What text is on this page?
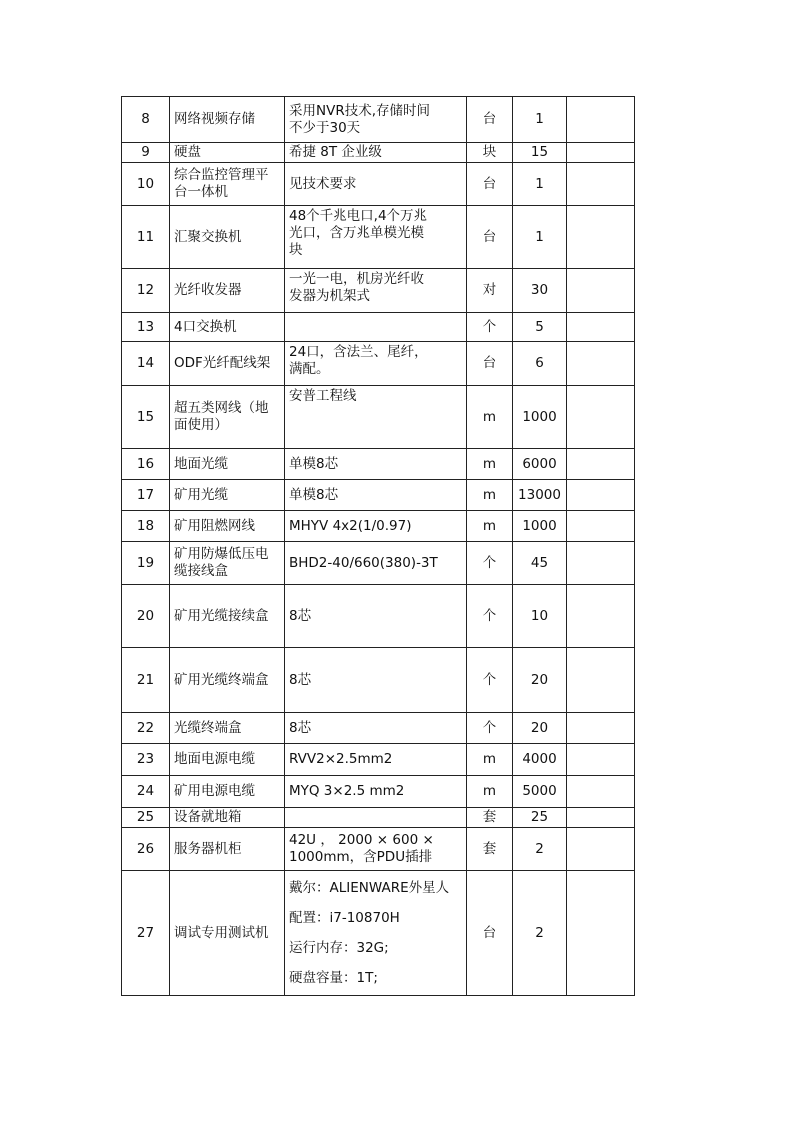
8	网络视频存储	采用NVR技术,存储时间
不少于30天	台	1	
9	硬盘	希捷 8T 企业级	块	15	
10	综合监控管理平台一体机	见技术要求	台	1	
11	汇聚交换机	48个千兆电口,4个万兆
光口，含万兆单模光模
块	台	1	
12	光纤收发器	一光一电，机房光纤收
发器为机架式	对	30	
13	4口交换机		个	5	
14	ODF光纤配线架	24口，含法兰、尾纤，
满配。	台	6	
15	超五类网线（地面使用）	安普工程线	m	1000	
16	地面光缆	单模8芯	m	6000	
17	矿用光缆	单模8芯	m	13000	
18	矿用阻燃网线	MHYV 4x2(1/0.97)	m	1000	
19	矿用防爆低压电缆接线盒	BHD2-40/660(380)-3T	个	45	
20	矿用光缆接续盒	8芯	个	10	
21	矿用光缆终端盒	8芯	个	20	
22	光缆终端盒	8芯	个	20	
23	地面电源电缆	RVV2×2.5mm2	m	4000	
24	矿用电源电缆	MYQ 3×2.5 mm2	m	5000	
25	设备就地箱		套	25	
26	服务器机柜	42U ， 2000 × 600 ×
1000mm，含PDU插排	套	2	
27	调试专用测试机	戴尔：ALIENWARE外星人
配置：i7-10870H
运行内存：32G;
硬盘容量：1T;	台	2	
